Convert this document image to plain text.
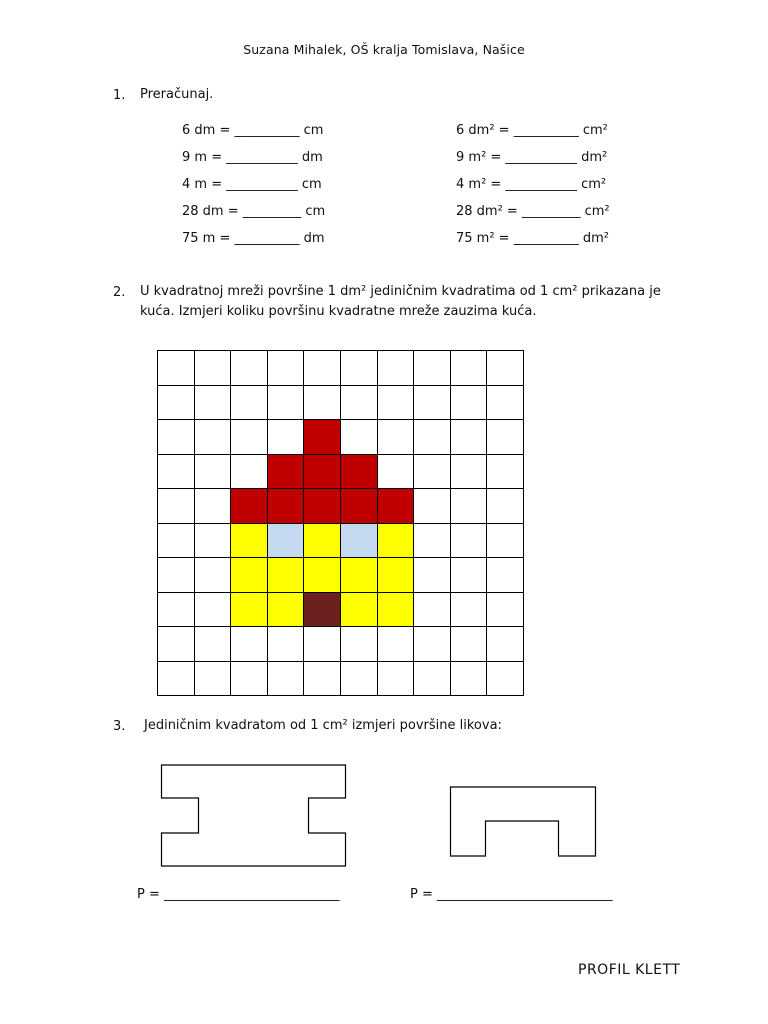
Suzana Mihalek, OŠ kralja Tomislava, Našice
1. Preračunaj.
6 dm = __________ cm
9 m = ___________ dm
4 m = ___________ cm
28 dm = _________ cm
75 m = __________ dm
6 dm² = __________ cm²
9 m² = ___________ dm²
4 m² = ___________ cm²
28 dm² = _________ cm²
75 m² = __________ dm²
2. U kvadratnoj mreži površine 1 dm² jediničnim kvadratima od 1 cm² prikazana je
kuća. Izmjeri koliku površinu kvadratne mreže zauzima kuća.
3. Jediničnim kvadratom od 1 cm² izmjeri površine likova:
P = ___________________________	P = ___________________________
PROFIL KLETT
